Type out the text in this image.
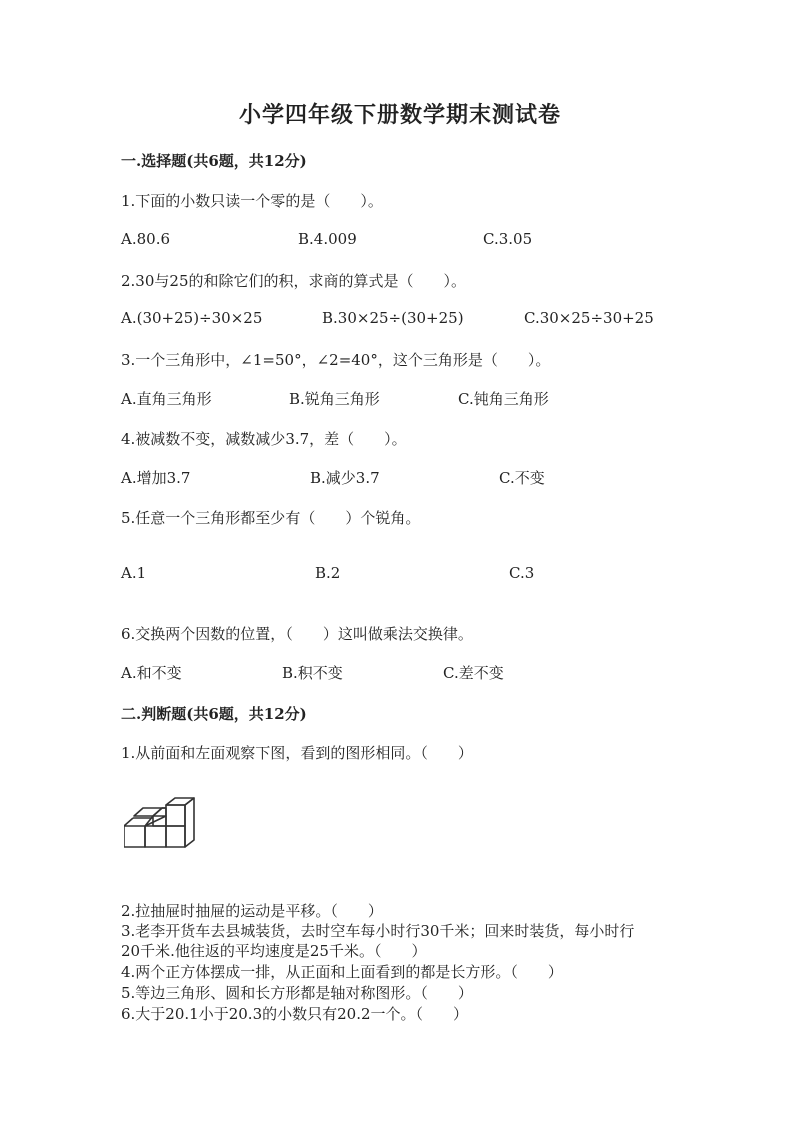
小学四年级下册数学期末测试卷
一.选择题(共6题，共12分)
1.下面的小数只读一个零的是（　　）。
A.80.6	B.4.009	C.3.05
2.30与25的和除它们的积，求商的算式是（　　）。
A.(30+25)÷30×25	B.30×25÷(30+25)	C.30×25÷30+25
3.一个三角形中，∠1=50°，∠2=40°，这个三角形是（　　）。
A.直角三角形	B.锐角三角形	C.钝角三角形
4.被减数不变，减数减少3.7，差（　　）。
A.增加3.7	B.减少3.7	C.不变
5.任意一个三角形都至少有（　　）个锐角。
A.1	B.2	C.3
6.交换两个因数的位置，（　　）这叫做乘法交换律。
A.和不变	B.积不变	C.差不变
二.判断题(共6题，共12分)
1.从前面和左面观察下图，看到的图形相同。（　　）
2.拉抽屉时抽屉的运动是平移。（　　）
3.老李开货车去县城装货，去时空车每小时行30千米；回来时装货，每小时行
20千米.他往返的平均速度是25千米。（　　）
4.两个正方体摆成一排，从正面和上面看到的都是长方形。（　　）
5.等边三角形、圆和长方形都是轴对称图形。（　　）
6.大于20.1小于20.3的小数只有20.2一个。（　　）
